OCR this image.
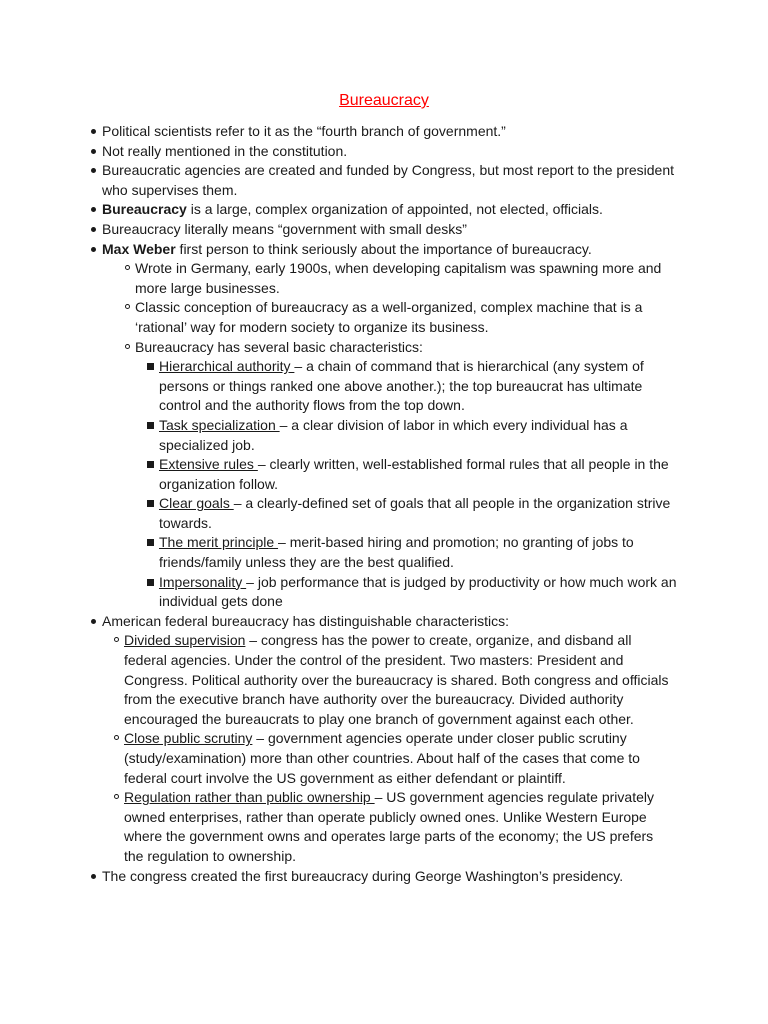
Bureaucracy
Political scientists refer to it as the “fourth branch of government.”
Not really mentioned in the constitution.
Bureaucratic agencies are created and funded by Congress, but most report to the president who supervises them.
Bureaucracy is a large, complex organization of appointed, not elected, officials.
Bureaucracy literally means “government with small desks”
Max Weber first person to think seriously about the importance of bureaucracy.
Wrote in Germany, early 1900s, when developing capitalism was spawning more and more large businesses.
Classic conception of bureaucracy as a well-organized, complex machine that is a ‘rational’ way for modern society to organize its business.
Bureaucracy has several basic characteristics:
Hierarchical authority – a chain of command that is hierarchical (any system of persons or things ranked one above another.); the top bureaucrat has ultimate control and the authority flows from the top down.
Task specialization – a clear division of labor in which every individual has a specialized job.
Extensive rules – clearly written, well-established formal rules that all people in the organization follow.
Clear goals – a clearly-defined set of goals that all people in the organization strive towards.
The merit principle – merit-based hiring and promotion; no granting of jobs to friends/family unless they are the best qualified.
Impersonality – job performance that is judged by productivity or how much work an individual gets done
American federal bureaucracy has distinguishable characteristics:
Divided supervision – congress has the power to create, organize, and disband all federal agencies. Under the control of the president. Two masters: President and Congress. Political authority over the bureaucracy is shared. Both congress and officials from the executive branch have authority over the bureaucracy. Divided authority encouraged the bureaucrats to play one branch of government against each other.
Close public scrutiny – government agencies operate under closer public scrutiny (study/examination) more than other countries. About half of the cases that come to federal court involve the US government as either defendant or plaintiff.
Regulation rather than public ownership – US government agencies regulate privately owned enterprises, rather than operate publicly owned ones. Unlike Western Europe where the government owns and operates large parts of the economy; the US prefers the regulation to ownership.
The congress created the first bureaucracy during George Washington’s presidency.
